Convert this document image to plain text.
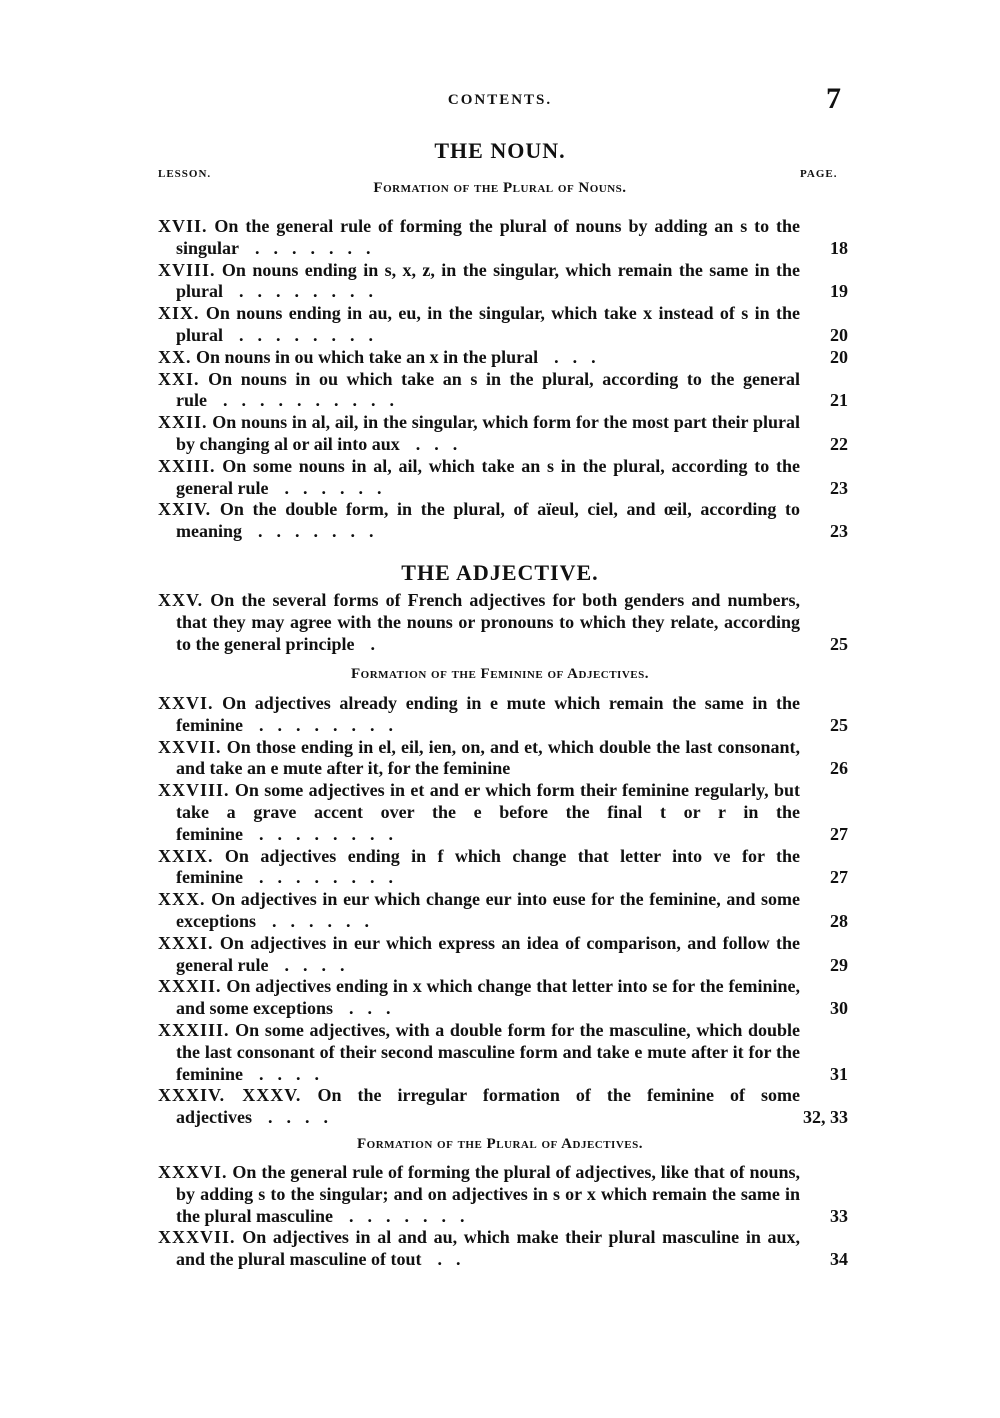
CONTENTS.	7
THE NOUN.
LESSON.	PAGE.
Formation of the Plural of Nouns.
XVII. On the general rule of forming the plural of nouns by adding an s to the singular .......	18
XVIII. On nouns ending in s, x, z, in the singular, which remain the same in the plural ........	19
XIX. On nouns ending in au, eu, in the singular, which take x instead of s in the plural ........	20
XX. On nouns in ou which take an x in the plural ...	20
XXI. On nouns in ou which take an s in the plural, according to the general rule ..........	21
XXII. On nouns in al, ail, in the singular, which form for the most part their plural by changing al or ail into aux ...	22
XXIII. On some nouns in al, ail, which take an s in the plural, according to the general rule ......	23
XXIV. On the double form, in the plural, of aïeul, ciel, and œil, according to meaning .......	23
THE ADJECTIVE.
XXV. On the several forms of French adjectives for both genders and numbers, that they may agree with the nouns or pronouns to which they relate, according to the general principle .	25
Formation of the Feminine of Adjectives.
XXVI. On adjectives already ending in e mute which remain the same in the feminine ........	25
XXVII. On those ending in el, eil, ien, on, and et, which double the last consonant, and take an e mute after it, for the feminine	26
XXVIII. On some adjectives in et and er which form their feminine regularly, but take a grave accent over the e before the final t or r in the feminine ........	27
XXIX. On adjectives ending in f which change that letter into ve for the feminine ........	27
XXX. On adjectives in eur which change eur into euse for the feminine, and some exceptions ......	28
XXXI. On adjectives in eur which express an idea of comparison, and follow the general rule ....	29
XXXII. On adjectives ending in x which change that letter into se for the feminine, and some exceptions ...	30
XXXIII. On some adjectives, with a double form for the masculine, which double the last consonant of their second masculine form and take e mute after it for the feminine ....	31
XXXIV. XXXV. On the irregular formation of the feminine of some adjectives ....	32, 33
Formation of the Plural of Adjectives.
XXXVI. On the general rule of forming the plural of adjectives, like that of nouns, by adding s to the singular; and on adjectives in s or x which remain the same in the plural masculine .......	33
XXXVII. On adjectives in al and au, which make their plural masculine in aux, and the plural masculine of tout ..	34
